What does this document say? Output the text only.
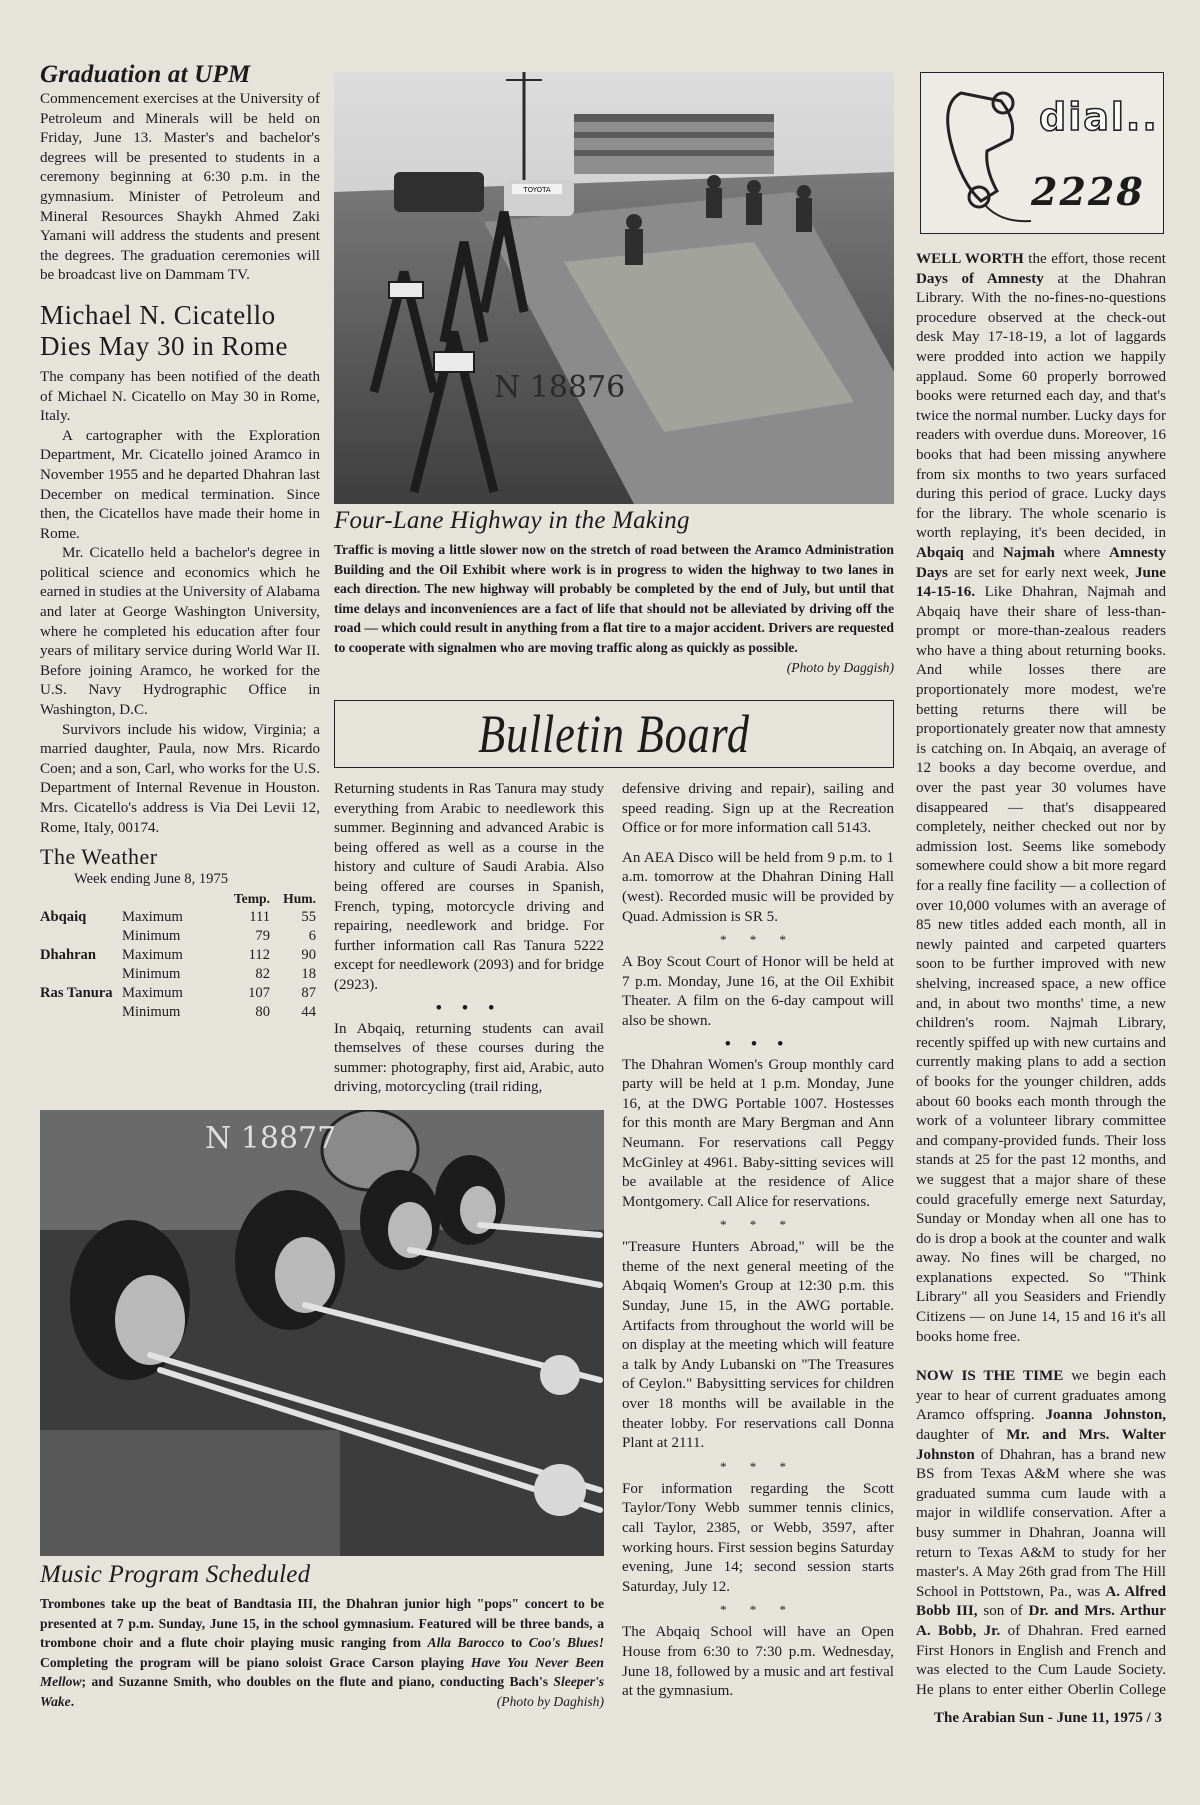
Graduation at UPM

Commencement exercises at the University of Petroleum and Minerals will be held on Friday, June 13. Master's and bachelor's degrees will be presented to students in a ceremony beginning at 6:30 p.m. in the gymnasium. Minister of Petroleum and Mineral Resources Shaykh Ahmed Zaki Yamani will address the students and present the degrees. The graduation ceremonies will be broadcast live on Dammam TV.

Michael N. Cicatello
Dies May 30 in Rome

The company has been notified of the death of Michael N. Cicatello on May 30 in Rome, Italy.

A cartographer with the Exploration Department, Mr. Cicatello joined Aramco in November 1955 and he departed Dhahran last December on medical termination. Since then, the Cicatellos have made their home in Rome.

Mr. Cicatello held a bachelor's degree in political science and economics which he earned in studies at the University of Alabama and later at George Washington University, where he completed his education after four years of military service during World War II. Before joining Aramco, he worked for the U.S. Navy Hydrographic Office in Washington, D.C.

Survivors include his widow, Virginia; a married daughter, Paula, now Mrs. Ricardo Coen; and a son, Carl, who works for the U.S. Department of Internal Revenue in Houston. Mrs. Cicatello's address is Via Dei Levii 12, Rome, Italy, 00174.

The Weather
Week ending June 8, 1975
		Temp.	Hum.
Abqaiq	Maximum	111	55
	Minimum	79	6
Dhahran	Maximum	112	90
	Minimum	82	18
Ras Tanura	Maximum	107	87
	Minimum	80	44
TOYOTA
N 18876
Four-Lane Highway in the Making
Traffic is moving a little slower now on the stretch of road between the Aramco Administration Building and the Oil Exhibit where work is in progress to widen the highway to two lanes in each direction. The new highway will probably be completed by the end of July, but until that time delays and inconveniences are a fact of life that should not be alleviated by driving off the road — which could result in anything from a flat tire to a major accident. Drivers are requested to cooperate with signalmen who are moving traffic along as quickly as possible.
(Photo by Daggish)
Bulletin Board

Returning students in Ras Tanura may study everything from Arabic to needlework this summer. Beginning and advanced Arabic is being offered as well as a course in the history and culture of Saudi Arabia. Also being offered are courses in Spanish, French, typing, motorcycle driving and repairing, needlework and bridge. For further information call Ras Tanura 5222 except for needlework (2093) and for bridge (2923).

• • •

In Abqaiq, returning students can avail themselves of these courses during the summer: photography, first aid, Arabic, auto driving, motorcycling (trail riding,

defensive driving and repair), sailing and speed reading. Sign up at the Recreation Office or for more information call 5143.

An AEA Disco will be held from 9 p.m. to 1 a.m. tomorrow at the Dhahran Dining Hall (west). Recorded music will be provided by Quad. Admission is SR 5.

* * *

A Boy Scout Court of Honor will be held at 7 p.m. Monday, June 16, at the Oil Exhibit Theater. A film on the 6-day campout will also be shown.

• • •

The Dhahran Women's Group monthly card party will be held at 1 p.m. Monday, June 16, at the DWG Portable 1007. Hostesses for this month are Mary Bergman and Ann Neumann. For reservations call Peggy McGinley at 4961. Baby-sitting sevices will be available at the residence of Alice Montgomery. Call Alice for reservations.

* * *

"Treasure Hunters Abroad," will be the theme of the next general meeting of the Abqaiq Women's Group at 12:30 p.m. this Sunday, June 15, in the AWG portable. Artifacts from throughout the world will be on display at the meeting which will feature a talk by Andy Lubanski on "The Treasures of Ceylon." Babysitting services for children over 18 months will be available in the theater lobby. For reservations call Donna Plant at 2111.

* * *

For information regarding the Scott Taylor/Tony Webb summer tennis clinics, call Taylor, 2385, or Webb, 3597, after working hours. First session begins Saturday evening, June 14; second session starts Saturday, July 12.

* * *

The Abqaiq School will have an Open House from 6:30 to 7:30 p.m. Wednesday, June 18, followed by a music and art festival at the gymnasium.

N 18877
Music Program Scheduled
Trombones take up the beat of Bandtasia III, the Dhahran junior high "pops" concert to be presented at 7 p.m. Sunday, June 15, in the school gymnasium. Featured will be three bands, a trombone choir and a flute choir playing music ranging from Alla Barocco to Coo's Blues! Completing the program will be piano soloist Grace Carson playing Have You Never Been Mellow; and Suzanne Smith, who doubles on the flute and piano, conducting Bach's Sleeper's Wake.	(Photo by Daghish)
dial..
2228

WELL WORTH the effort, those recent Days of Amnesty at the Dhahran Library. With the no-fines-no-questions procedure observed at the check-out desk May 17-18-19, a lot of laggards were prodded into action we happily applaud. Some 60 properly borrowed books were returned each day, and that's twice the normal number. Lucky days for readers with overdue duns. Moreover, 16 books that had been missing anywhere from six months to two years surfaced during this period of grace. Lucky days for the library. The whole scenario is worth replaying, it's been decided, in Abqaiq and Najmah where Amnesty Days are set for early next week, June 14-15-16. Like Dhahran, Najmah and Abqaiq have their share of less-than-prompt or more-than-zealous readers who have a thing about returning books. And while losses there are proportionately more modest, we're betting returns there will be proportionately greater now that amnesty is catching on. In Abqaiq, an average of 12 books a day become overdue, and over the past year 30 volumes have disappeared — that's disappeared completely, neither checked out nor by admission lost. Seems like somebody somewhere could show a bit more regard for a really fine facility — a collection of over 10,000 volumes with an average of 85 new titles added each month, all in newly painted and carpeted quarters soon to be further improved with new shelving, increased space, a new office and, in about two months' time, a new children's room. Najmah Library, recently spiffed up with new curtains and currently making plans to add a section of books for the younger children, adds about 60 books each month through the work of a volunteer library committee and company-provided funds. Their loss stands at 25 for the past 12 months, and we suggest that a major share of these could gracefully emerge next Saturday, Sunday or Monday when all one has to do is drop a book at the counter and walk away. No fines will be charged, no explanations expected. So "Think Library" all you Seasiders and Friendly Citizens — on June 14, 15 and 16 it's all books home free.

NOW IS THE TIME we begin each year to hear of current graduates among Aramco offspring. Joanna Johnston, daughter of Mr. and Mrs. Walter Johnston of Dhahran, has a brand new BS from Texas A&M where she was graduated summa cum laude with a major in wildlife conservation. After a busy summer in Dhahran, Joanna will return to Texas A&M to study for her master's. A May 26th grad from The Hill School in Pottstown, Pa., was A. Alfred Bobb III, son of Dr. and Mrs. Arthur A. Bobb, Jr. of Dhahran. Fred earned First Honors in English and French and was elected to the Cum Laude Society. He plans to enter either Oberlin College

The Arabian Sun - June 11, 1975 / 3
